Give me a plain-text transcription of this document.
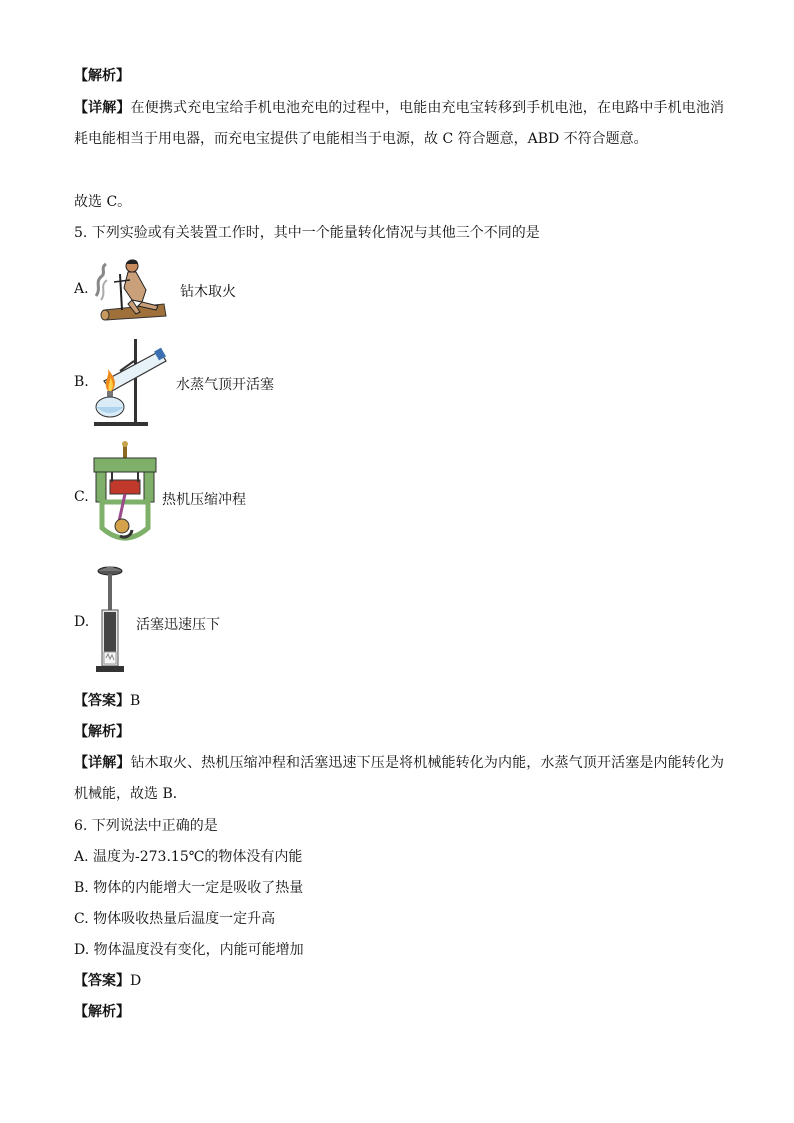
【解析】
【详解】在便携式充电宝给手机电池充电的过程中，电能由充电宝转移到手机电池，在电路中手机电池消耗电能相当于用电器，而充电宝提供了电能相当于电源，故 C 符合题意，ABD 不符合题意。
故选 C。
5. 下列实验或有关装置工作时，其中一个能量转化情况与其他三个不同的是
A.	钻木取火
B.	水蒸气顶开活塞
C.	热机压缩冲程
D.	活塞迅速压下
【答案】B
【解析】
【详解】钻木取火、热机压缩冲程和活塞迅速下压是将机械能转化为内能，水蒸气顶开活塞是内能转化为机械能，故选 B．
6. 下列说法中正确的是
A. 温度为-273.15℃的物体没有内能
B. 物体的内能增大一定是吸收了热量
C. 物体吸收热量后温度一定升高
D. 物体温度没有变化，内能可能增加
【答案】D
【解析】
